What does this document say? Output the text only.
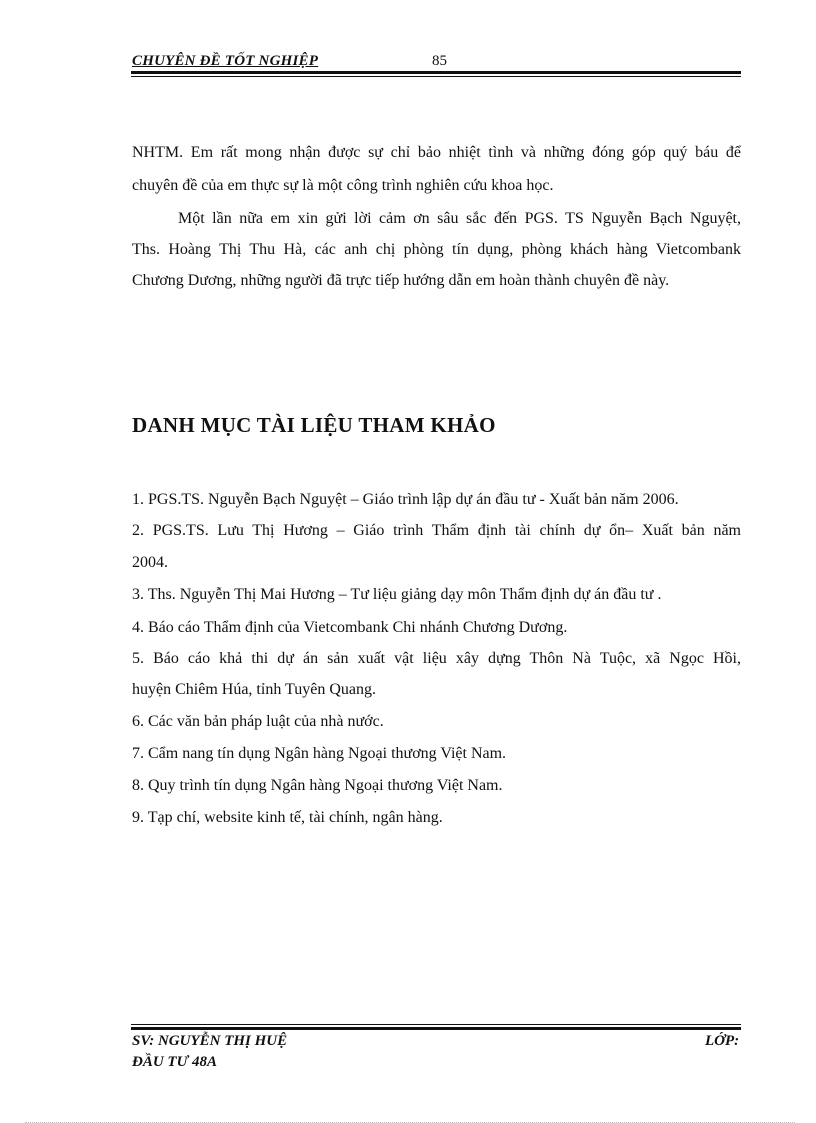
CHUYÊN ĐỀ TỐT NGHIỆP	85
NHTM. Em rất mong nhận được sự chỉ bảo nhiệt tình và những đóng góp quý báu để
chuyên đề của em thực sự là một công trình nghiên cứu khoa học.
Một lần nữa em xin gửi lời cảm ơn sâu sắc đến PGS. TS Nguyễn Bạch Nguyệt,
Ths. Hoàng Thị Thu Hà, các anh chị phòng tín dụng, phòng khách hàng Vietcombank
Chương Dương, những người đã trực tiếp hướng dẫn em hoàn thành chuyên đề này.
DANH MỤC TÀI LIỆU THAM KHẢO
1. PGS.TS. Nguyễn Bạch Nguyệt – Giáo trình lập dự án đầu tư - Xuất bản năm 2006.
2. PGS.TS. Lưu Thị Hương – Giáo trình Thẩm định tài chính dự ổn– Xuất bản năm
2004.
3. Ths. Nguyễn Thị Mai Hương – Tư liệu giảng dạy môn Thẩm định dự án đầu tư .
4. Báo cáo Thẩm định của Vietcombank Chi nhánh Chương Dương.
5. Báo cáo khả thi dự án sản xuất vật liệu xây dựng Thôn Nà Tuộc, xã Ngọc Hồi,
huyện Chiêm Húa, tỉnh Tuyên Quang.
6. Các văn bản pháp luật của nhà nước.
7. Cẩm nang tín dụng Ngân hàng Ngoại thương Việt Nam.
8. Quy trình tín dụng Ngân hàng Ngoại thương Việt Nam.
9. Tạp chí, website kinh tế, tài chính, ngân hàng.
SV: NGUYỄN THỊ HUỆ	LỚP:
ĐẦU TƯ 48A
